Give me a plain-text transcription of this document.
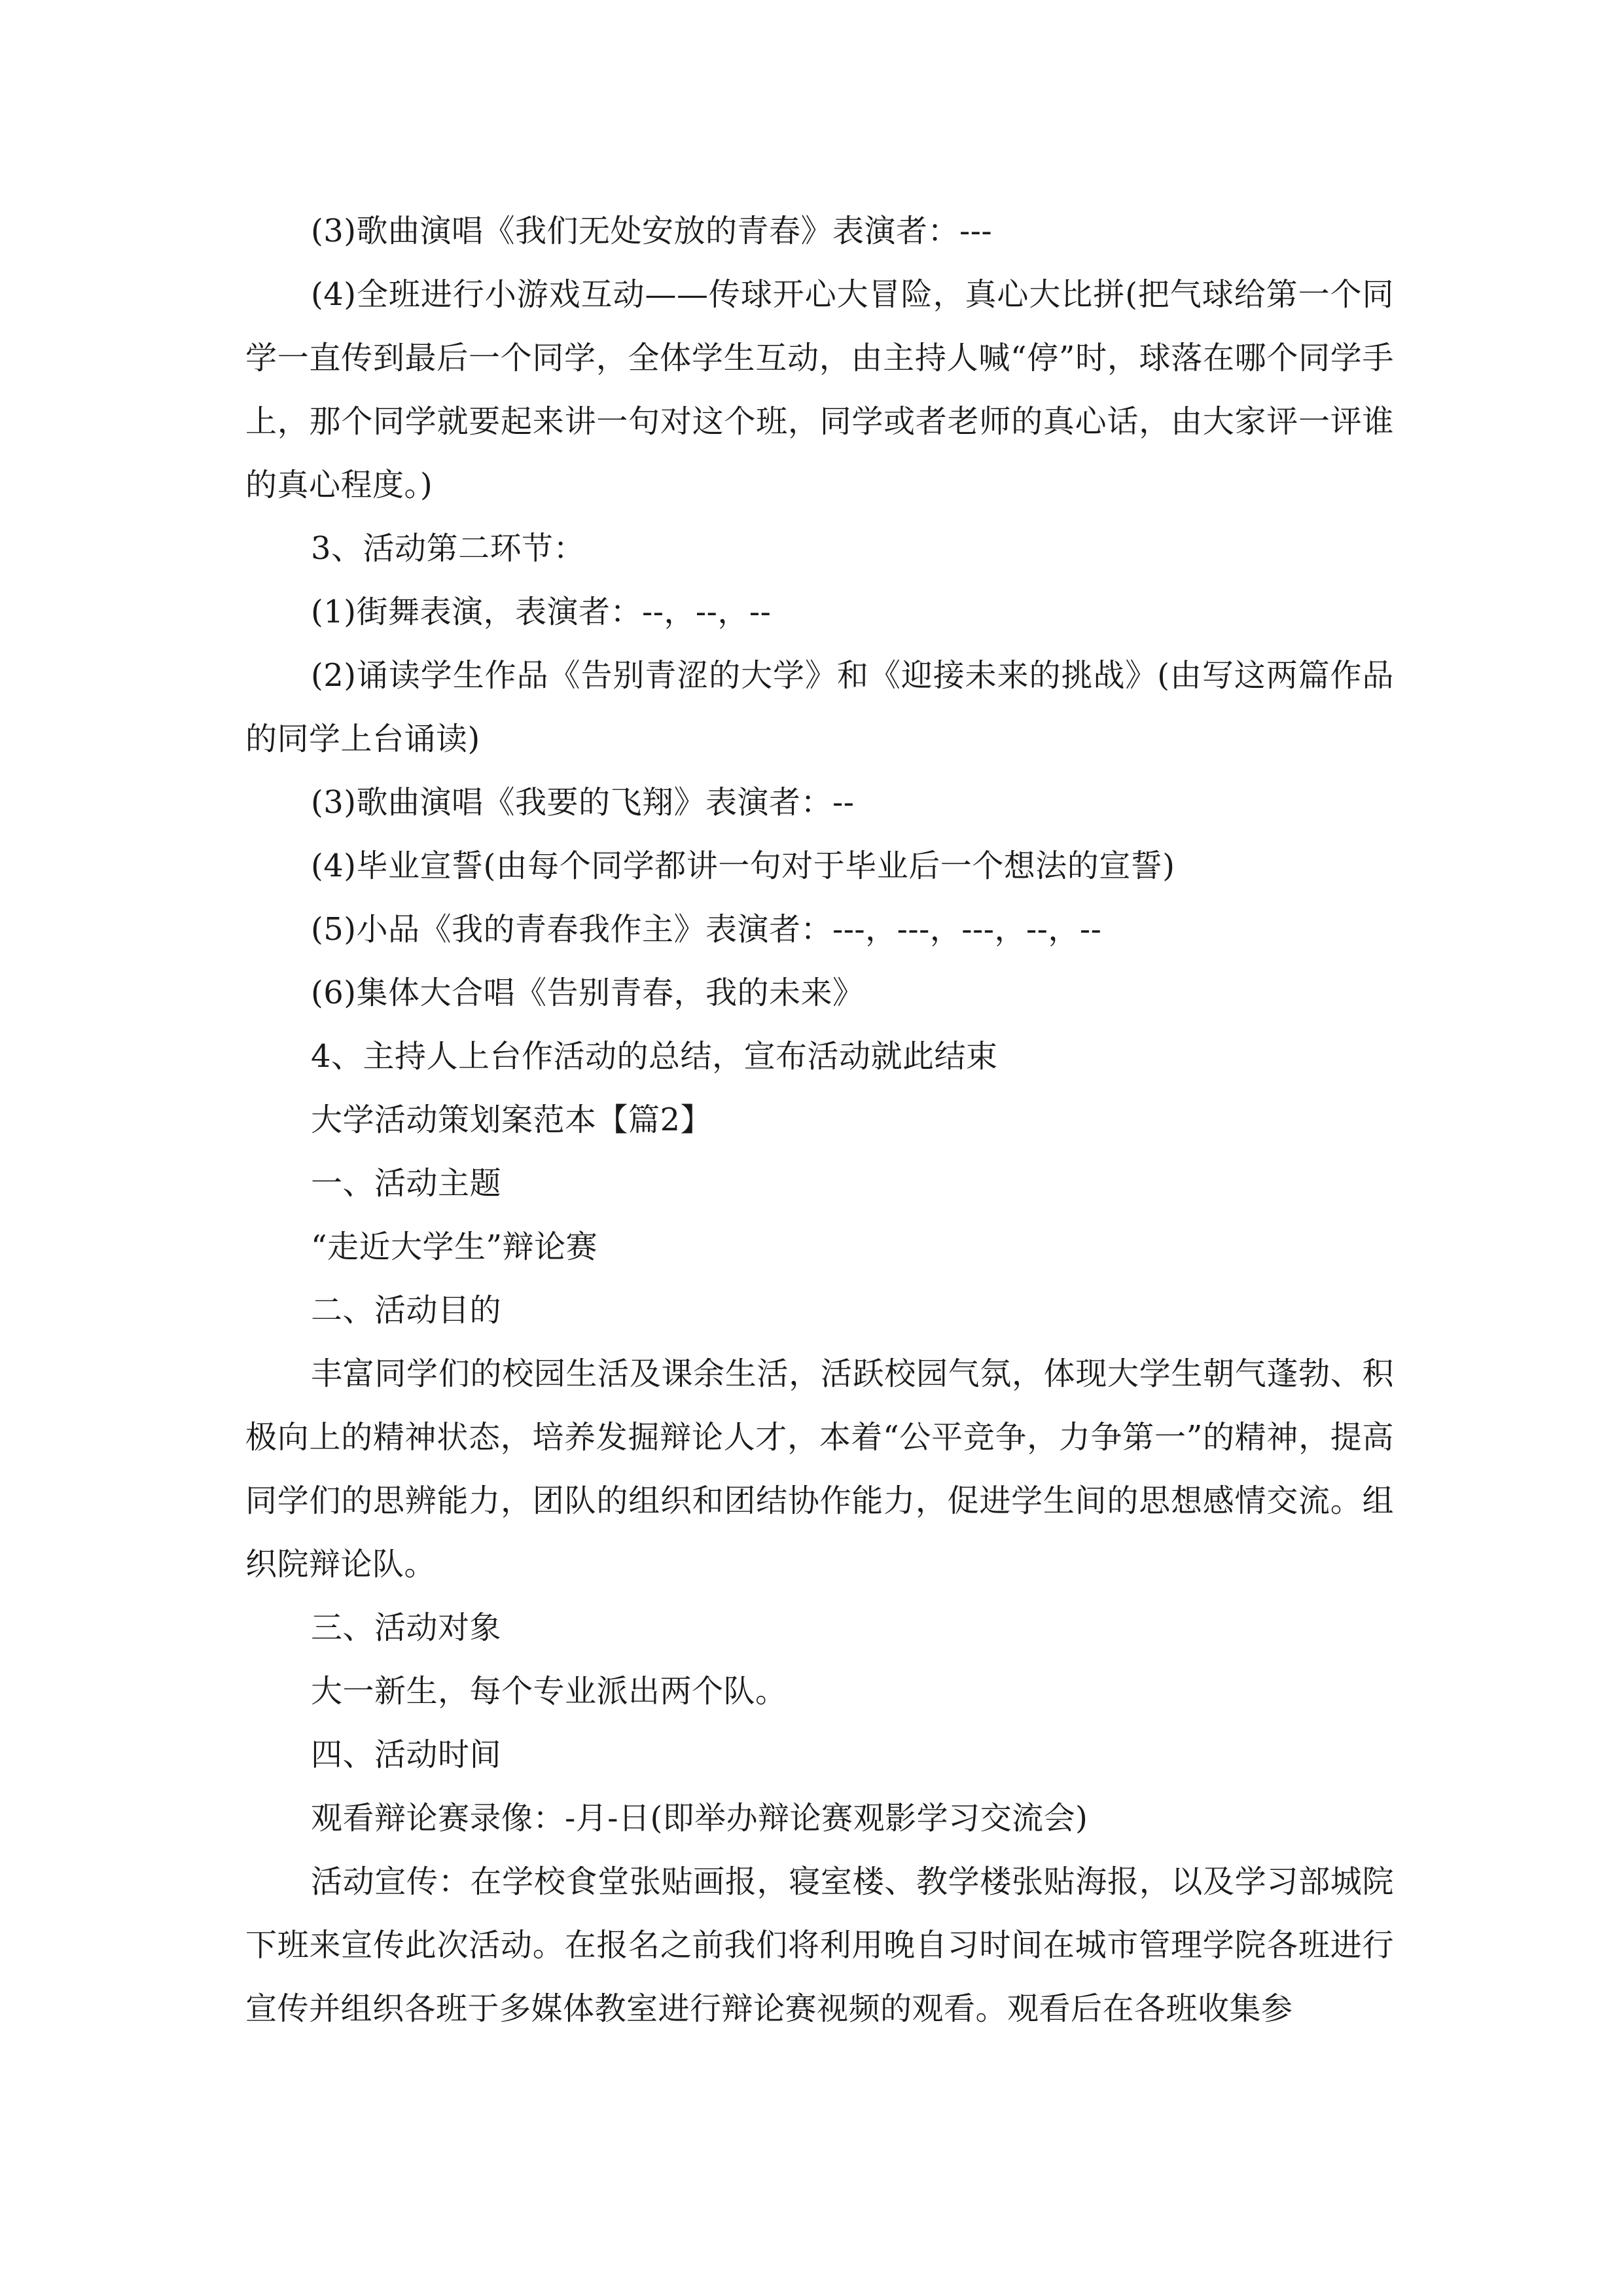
(3)歌曲演唱《我们无处安放的青春》表演者：---

(4)全班进行小游戏互动——传球开心大冒险，真心大比拼(把气球给第一个同学一直传到最后一个同学，全体学生互动，由主持人喊“停”时，球落在哪个同学手上，那个同学就要起来讲一句对这个班，同学或者老师的真心话，由大家评一评谁的真心程度。)

3、活动第二环节：

(1)街舞表演，表演者：--，--，--

(2)诵读学生作品《告别青涩的大学》和《迎接未来的挑战》(由写这两篇作品的同学上台诵读)

(3)歌曲演唱《我要的飞翔》表演者：--

(4)毕业宣誓(由每个同学都讲一句对于毕业后一个想法的宣誓)

(5)小品《我的青春我作主》表演者：---，---，---，--，--

(6)集体大合唱《告别青春，我的未来》

4、主持人上台作活动的总结，宣布活动就此结束

大学活动策划案范本【篇2】

一、活动主题

“走近大学生”辩论赛

二、活动目的

丰富同学们的校园生活及课余生活，活跃校园气氛，体现大学生朝气蓬勃、积极向上的精神状态，培养发掘辩论人才，本着“公平竞争，力争第一”的精神，提高同学们的思辨能力，团队的组织和团结协作能力，促进学生间的思想感情交流。组织院辩论队。

三、活动对象

大一新生，每个专业派出两个队。

四、活动时间

观看辩论赛录像：-月-日(即举办辩论赛观影学习交流会)

活动宣传：在学校食堂张贴画报，寝室楼、教学楼张贴海报，以及学习部城院下班来宣传此次活动。在报名之前我们将利用晚自习时间在城市管理学院各班进行宣传并组织各班于多媒体教室进行辩论赛视频的观看。观看后在各班收集参
